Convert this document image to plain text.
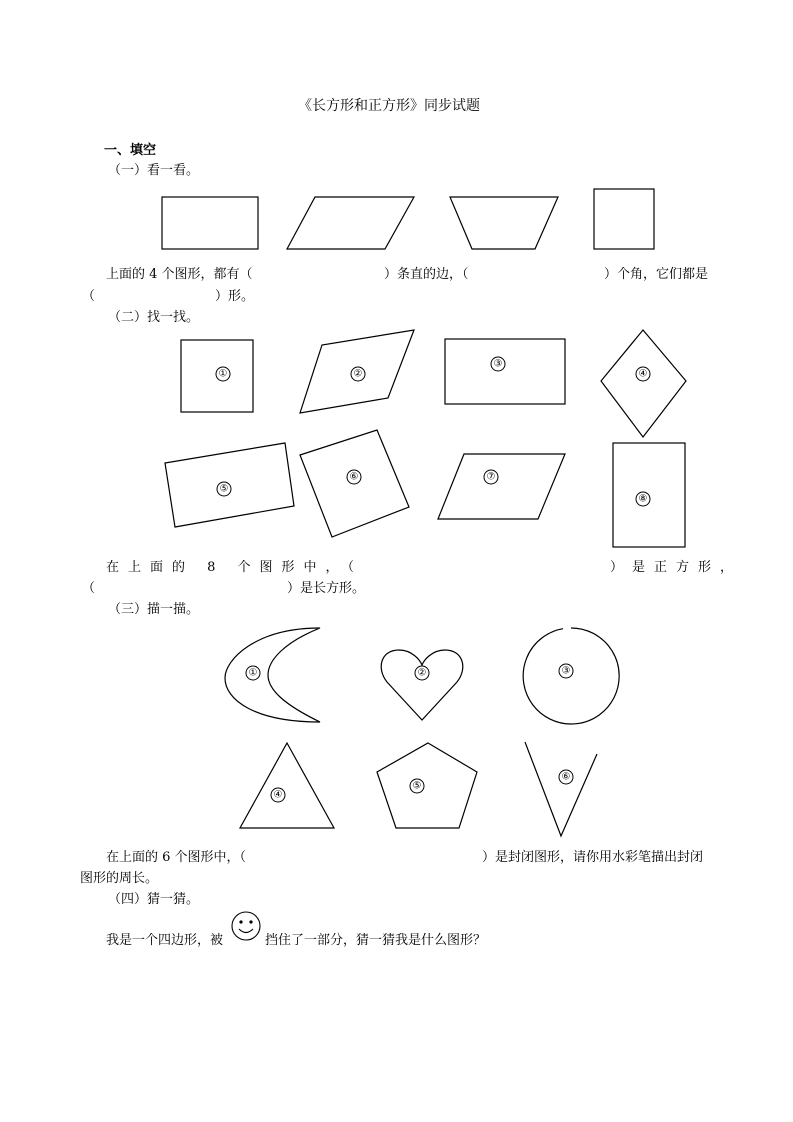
《长方形和正方形》同步试题
一、填空
（一）看一看。
上面的 4 个图形，都有（	）条直的边，（	）个角，它们都是
（	）形。
（二）找一找。
①	②
③
④
⑤
⑥	⑦
⑧
在上面的 8 个图形中，（	）是正方形，
（	）是长方形。
（三）描一描。
①	②	③
④
⑤
⑥
在上面的 6 个图形中，（	）是封闭图形，请你用水彩笔描出封闭
图形的周长。
（四）猜一猜。
我是一个四边形，被	挡住了一部分，猜一猜我是什么图形？
